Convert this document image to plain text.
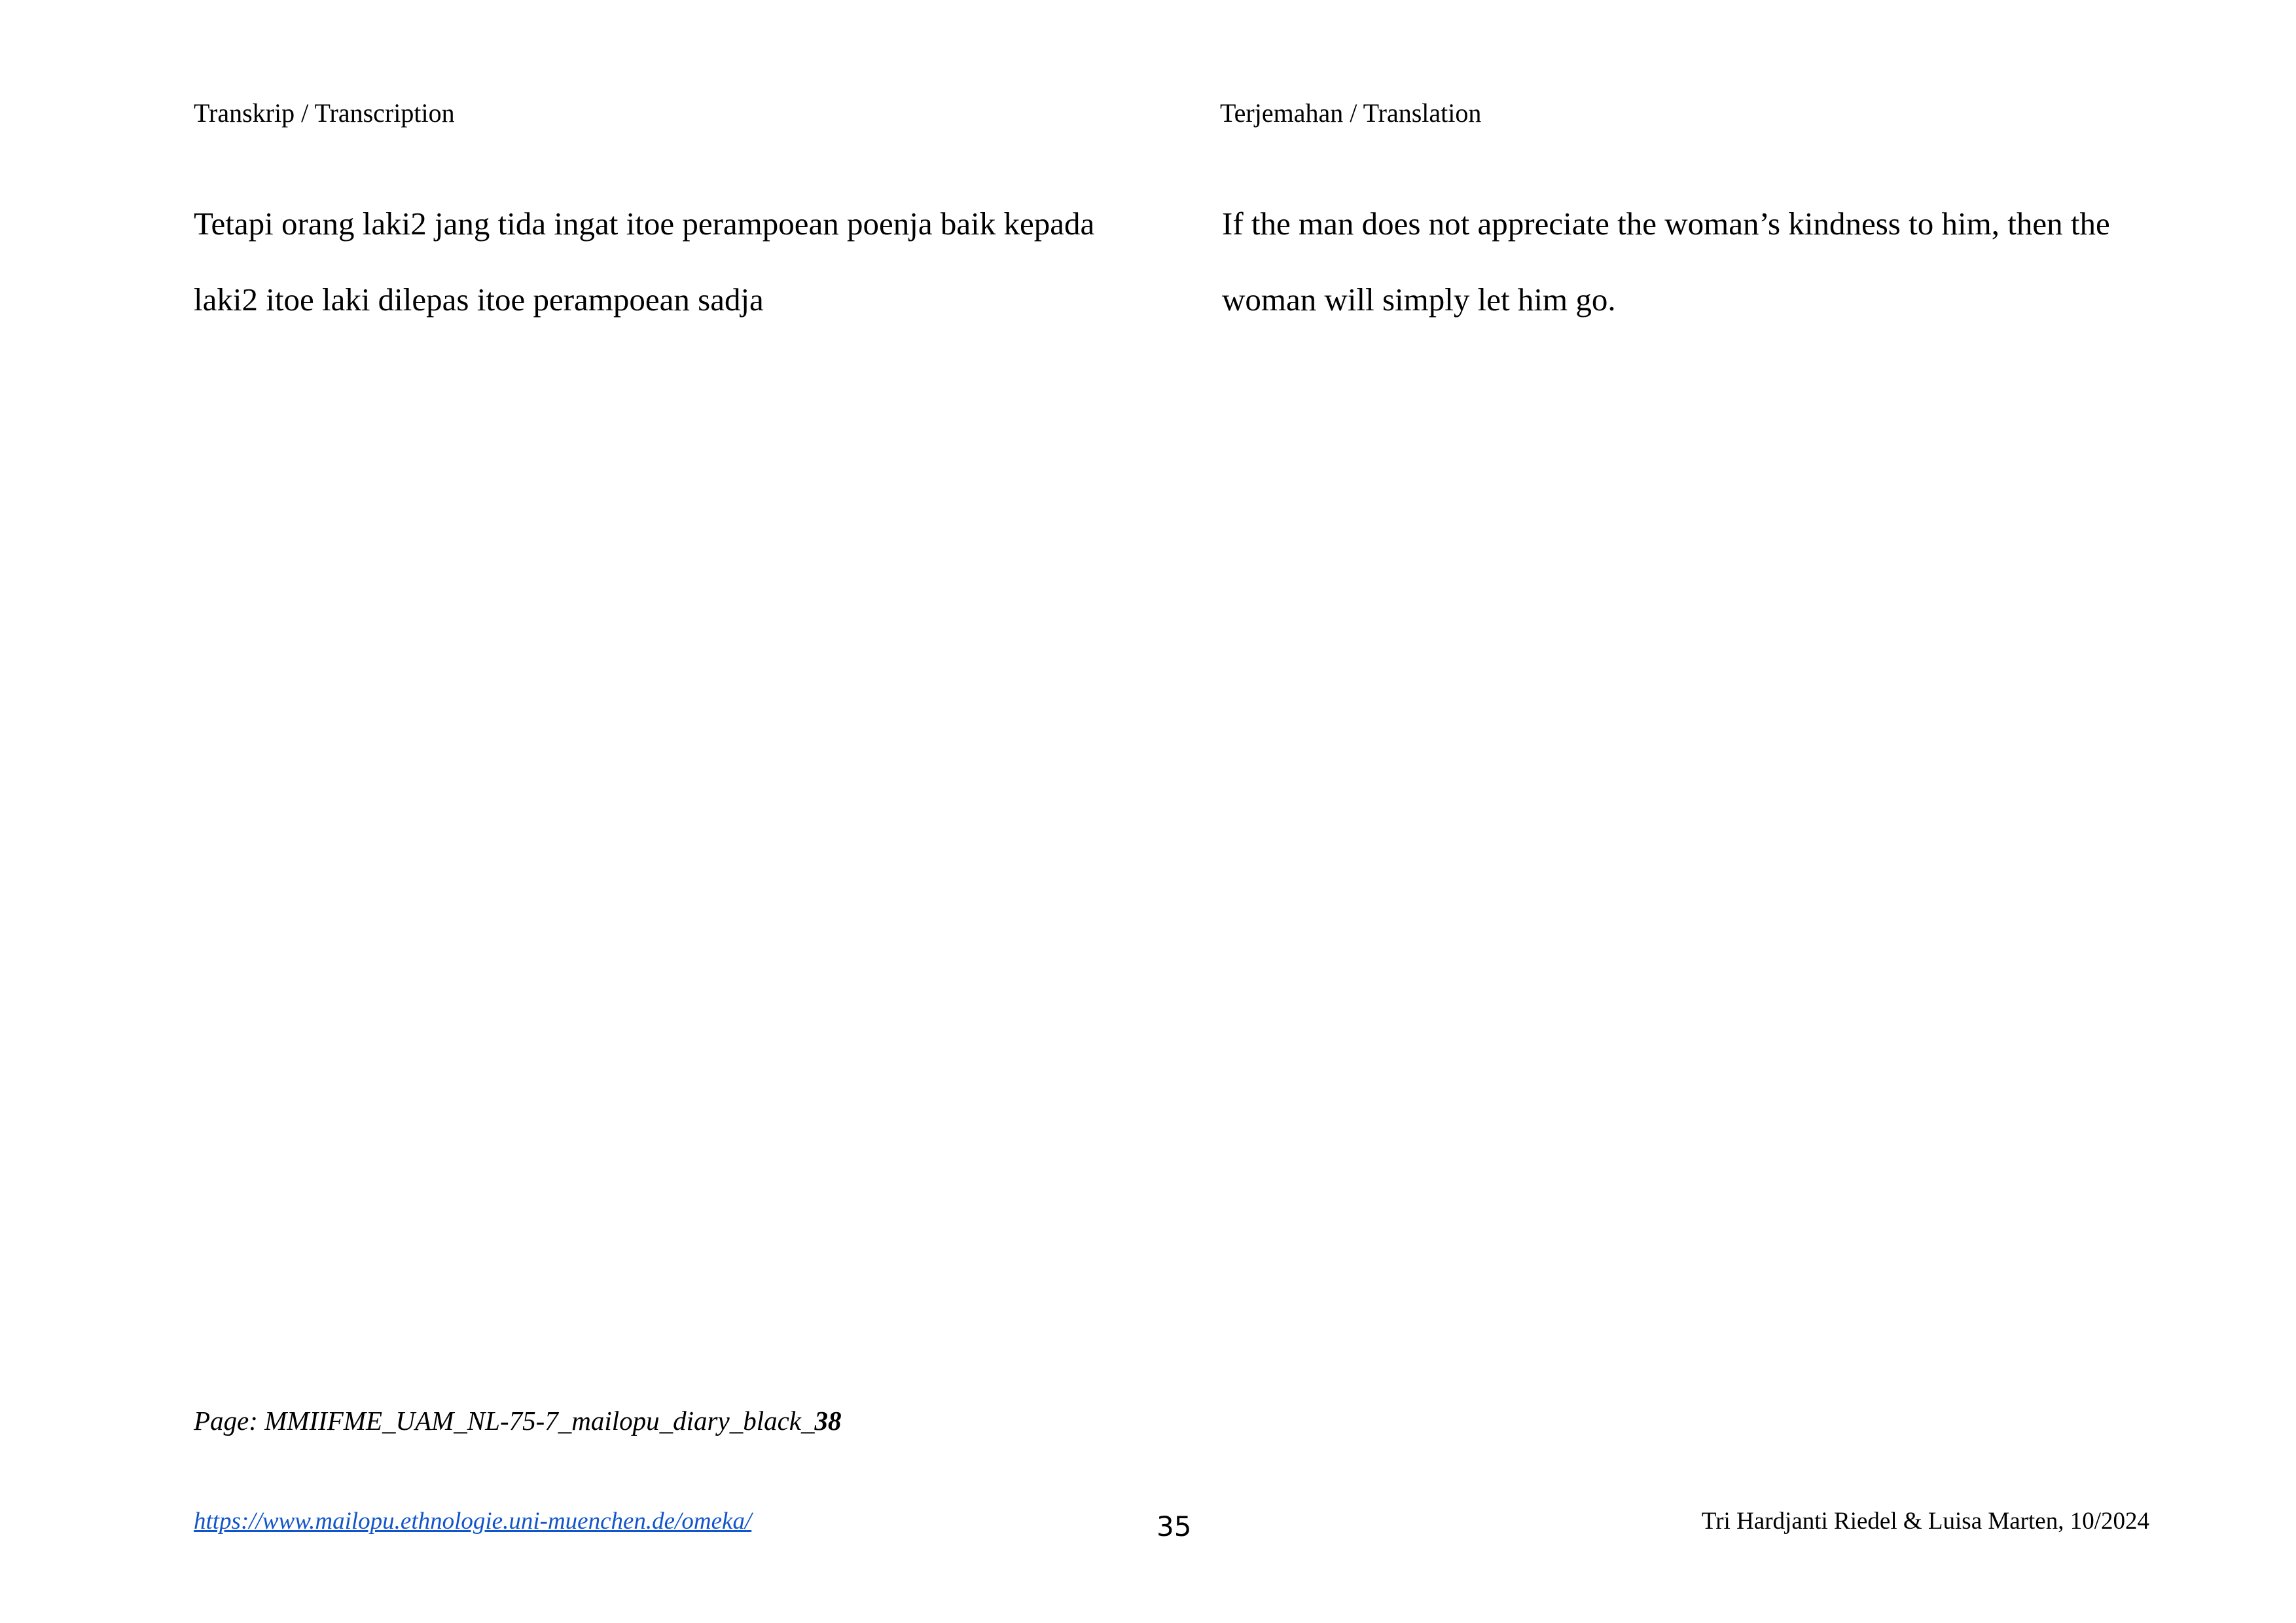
Transkrip / Transcription	Terjemahan / Translation
Tetapi orang laki2 jang tida ingat itoe perampoean poenja baik kepada
laki2 itoe laki dilepas itoe perampoean sadja
If the man does not appreciate the woman’s kindness to him, then the
woman will simply let him go.
Page: MMIIFME_UAM_NL-75-7_mailopu_diary_black_38
https://www.mailopu.ethnologie.uni-muenchen.de/omeka/	35	Tri Hardjanti Riedel & Luisa Marten, 10/2024
